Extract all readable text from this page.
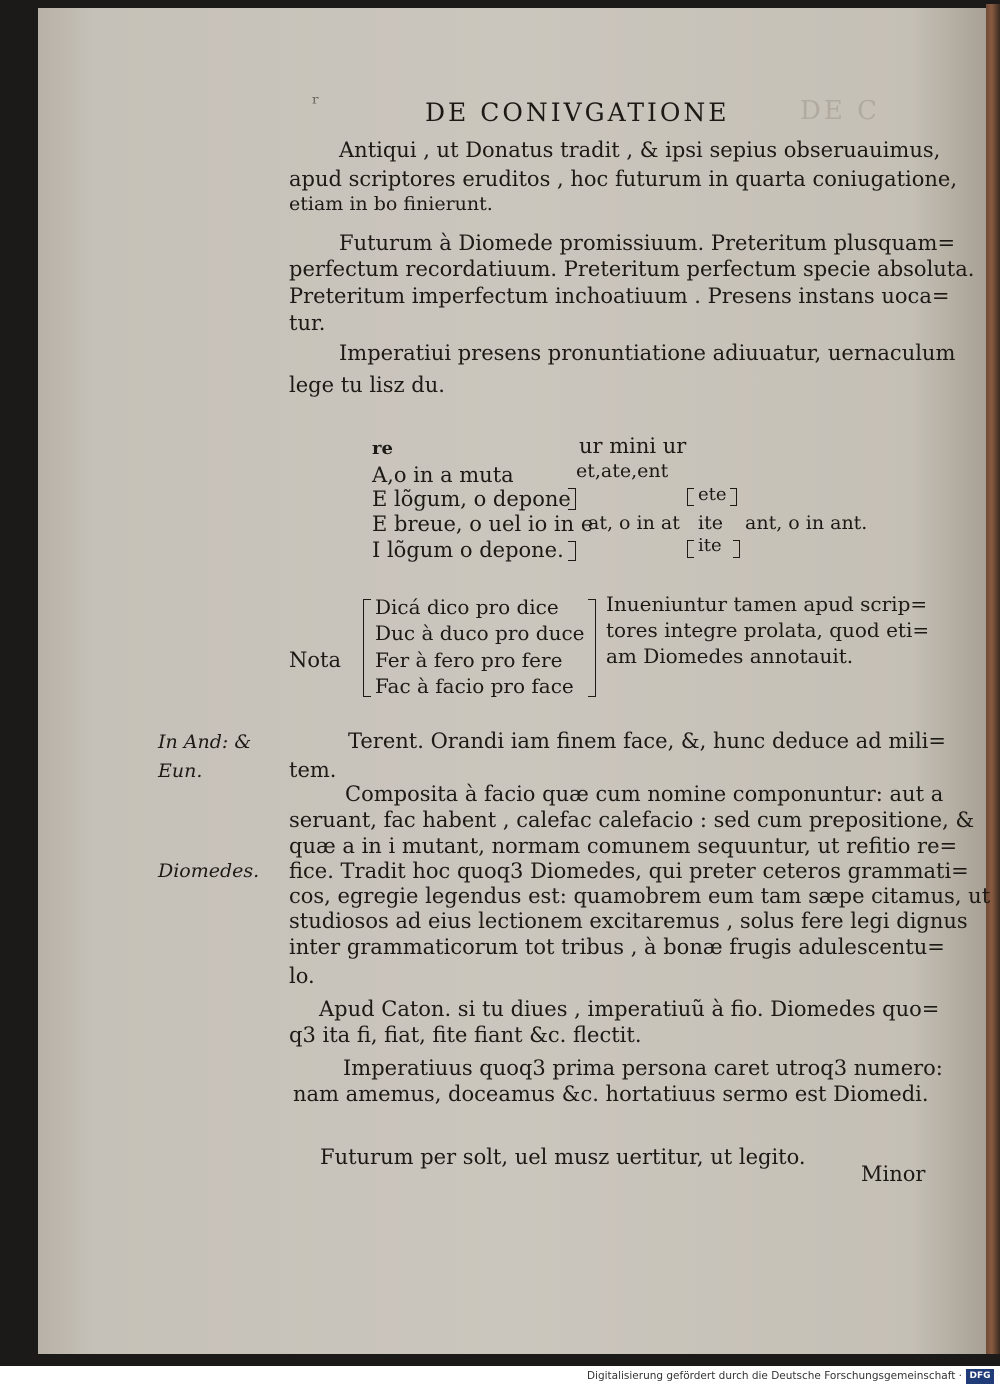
DE C
ʳ	DE CONIVGATIONE
Antiqui , ut Donatus tradit , & ipsi sepius obseruauimus,
apud scriptores eruditos , hoc futurum in quarta coniugatione,
etiam in bo finierunt.
Futurum à Diomede promissiuum. Preteritum plusquam=
perfectum recordatiuum. Preteritum perfectum specie absoluta.
Preteritum imperfectum inchoatiuum . Presens instans uoca=
tur.
Imperatiui presens pronuntiatione adiuuatur, uernaculum
lege tu lisz du.
re
A,o in a muta
E lõgum, o depone
E breue, o uel io in e
I lõgum o depone.
ur mini ur
et,ate,ent
at, o in at
ete
ite
ite
ant, o in ant.
Dicá dico pro dice
Duc à duco pro duce
Nota Fer à fero pro fere
Fac à facio pro face
Inueniuntur tamen apud scrip=
tores integre prolata, quod eti=
am Diomedes annotauit.
In And: &
Eun.
Diomedes.
Terent. Orandi iam finem face, &, hunc deduce ad mili=
tem.
Composita à facio quæ cum nomine componuntur: aut a
seruant, fac habent , calefac calefacio : sed cum prepositione, &
quæ a in i mutant, normam comunem sequuntur, ut refitio re=
fice. Tradit hoc quoq3 Diomedes, qui preter ceteros grammati=
cos, egregie legendus est: quamobrem eum tam sæpe citamus, ut
studiosos ad eius lectionem excitaremus , solus fere legi dignus
inter grammaticorum tot tribus , à bonæ frugis adulescentu=
lo.
Apud Caton. si tu diues , imperatiuũ à fio. Diomedes quo=
q3 ita fi, fiat, fite fiant &c. flectit.
Imperatiuus quoq3 prima persona caret utroq3 numero:
nam amemus, doceamus &c. hortatiuus sermo est Diomedi.
Futurum per solt, uel musz uertitur, ut legito.
Minor
Digitalisierung gefördert durch die Deutsche Forschungsgemeinschaft · DFG
